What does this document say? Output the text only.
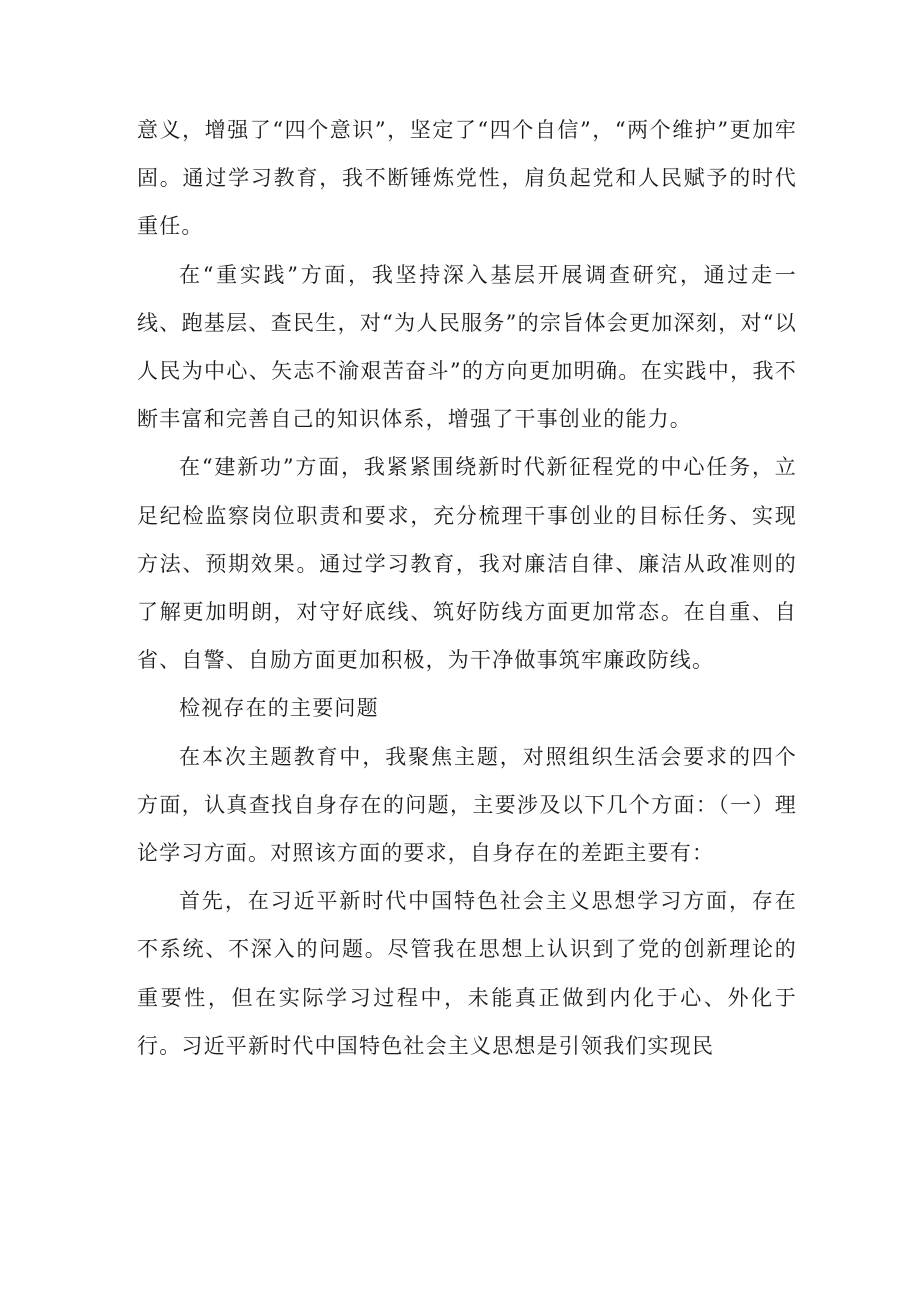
意义，增强了“四个意识”，坚定了“四个自信”，“两个维护”更加牢固。通过学习教育，我不断锤炼党性，肩负起党和人民赋予的时代重任。

在“重实践”方面，我坚持深入基层开展调查研究，通过走一线、跑基层、查民生，对“为人民服务”的宗旨体会更加深刻，对“以人民为中心、矢志不渝艰苦奋斗”的方向更加明确。在实践中，我不断丰富和完善自己的知识体系，增强了干事创业的能力。

在“建新功”方面，我紧紧围绕新时代新征程党的中心任务，立足纪检监察岗位职责和要求，充分梳理干事创业的目标任务、实现方法、预期效果。通过学习教育，我对廉洁自律、廉洁从政准则的了解更加明朗，对守好底线、筑好防线方面更加常态。在自重、自省、自警、自励方面更加积极，为干净做事筑牢廉政防线。

检视存在的主要问题

在本次主题教育中，我聚焦主题，对照组织生活会要求的四个方面，认真查找自身存在的问题，主要涉及以下几个方面：（一）理论学习方面。对照该方面的要求，自身存在的差距主要有：

首先，在习近平新时代中国特色社会主义思想学习方面，存在不系统、不深入的问题。尽管我在思想上认识到了党的创新理论的重要性，但在实际学习过程中，未能真正做到内化于心、外化于行。习近平新时代中国特色社会主义思想是引领我们实现民
